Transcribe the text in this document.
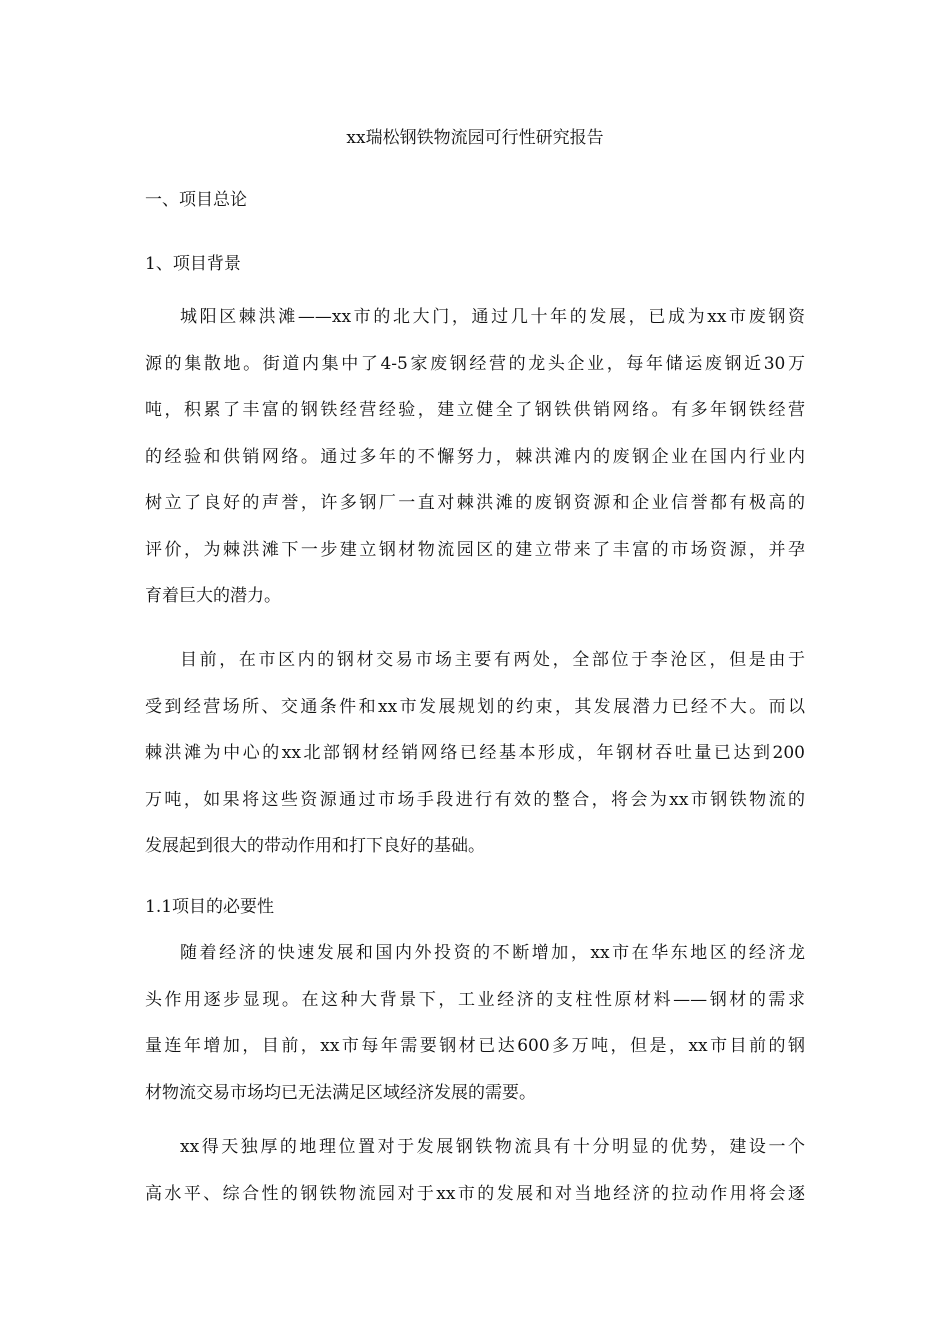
xx瑞松钢铁物流园可行性研究报告
一、项目总论
1、项目背景
城阳区棘洪滩——xx市的北大门，通过几十年的发展，已成为xx市废钢资
源的集散地。街道内集中了4-5家废钢经营的龙头企业，每年储运废钢近30万
吨，积累了丰富的钢铁经营经验，建立健全了钢铁供销网络。有多年钢铁经营
的经验和供销网络。通过多年的不懈努力，棘洪滩内的废钢企业在国内行业内
树立了良好的声誉，许多钢厂一直对棘洪滩的废钢资源和企业信誉都有极高的
评价，为棘洪滩下一步建立钢材物流园区的建立带来了丰富的市场资源，并孕
育着巨大的潜力。
目前，在市区内的钢材交易市场主要有两处，全部位于李沧区，但是由于
受到经营场所、交通条件和xx市发展规划的约束，其发展潜力已经不大。而以
棘洪滩为中心的xx北部钢材经销网络已经基本形成，年钢材吞吐量已达到200
万吨，如果将这些资源通过市场手段进行有效的整合，将会为xx市钢铁物流的
发展起到很大的带动作用和打下良好的基础。
1.1项目的必要性
随着经济的快速发展和国内外投资的不断增加，xx市在华东地区的经济龙
头作用逐步显现。在这种大背景下，工业经济的支柱性原材料——钢材的需求
量连年增加，目前，xx市每年需要钢材已达600多万吨，但是，xx市目前的钢
材物流交易市场均已无法满足区域经济发展的需要。
xx得天独厚的地理位置对于发展钢铁物流具有十分明显的优势，建设一个
高水平、综合性的钢铁物流园对于xx市的发展和对当地经济的拉动作用将会逐
